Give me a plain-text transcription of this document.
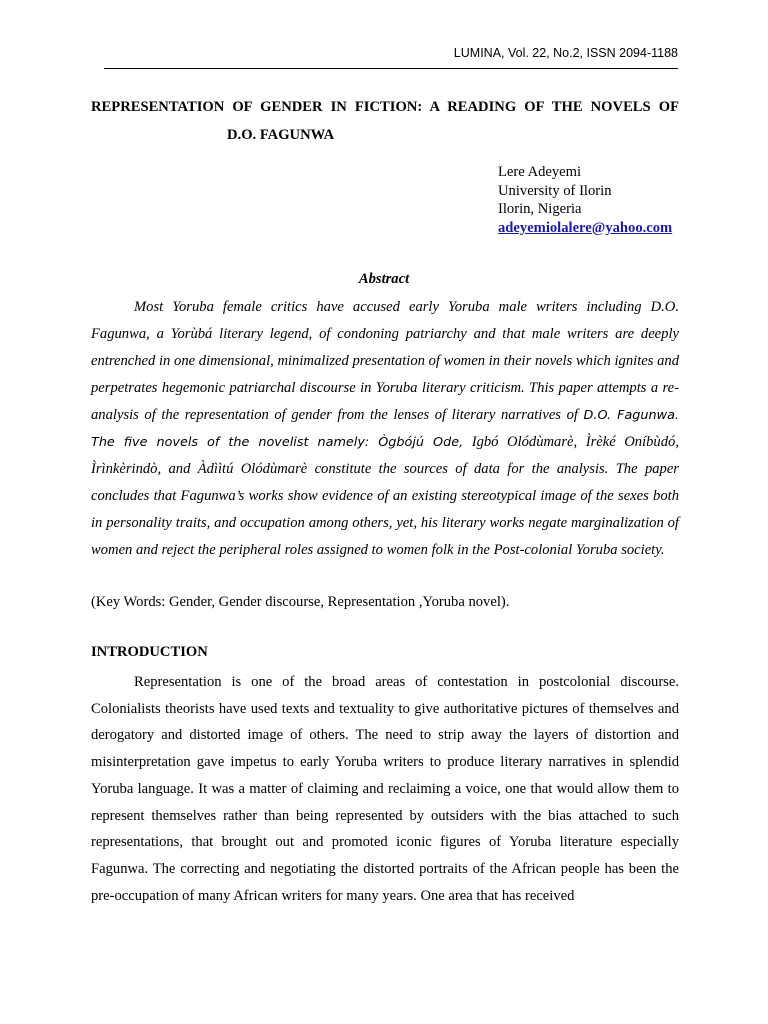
LUMINA, Vol. 22, No.2, ISSN 2094-1188
REPRESENTATION OF GENDER IN FICTION: A READING OF THE NOVELS OF
D.O. FAGUNWA
Lere Adeyemi
University of Ilorin
Ilorin, Nigeria
adeyemiolalere@yahoo.com
Abstract

Most Yoruba female critics have accused early Yoruba male writers including D.O. Fagunwa, a Yorùbá literary legend, of condoning patriarchy and that male writers are deeply entrenched in one dimensional, minimalized presentation of women in their novels which ignites and perpetrates hegemonic patriarchal discourse in Yoruba literary criticism. This paper attempts a re-analysis of the representation of gender from the lenses of literary narratives of D.O. Fagunwa. The five novels of the novelist namely: Ògbójú Ode, Igbó Olódùmarè, Ìrèké Oníbùdó, Ìrìnkèrindò, and Àdììtú Olódùmarè constitute the sources of data for the analysis. The paper concludes that Fagunwa’s works show evidence of an existing stereotypical image of the sexes both in personality traits, and occupation among others, yet, his literary works negate marginalization of women and reject the peripheral roles assigned to women folk in the Post-colonial Yoruba society.

(Key Words: Gender, Gender discourse, Representation ,Yoruba novel).
INTRODUCTION

Representation is one of the broad areas of contestation in postcolonial discourse. Colonialists theorists have used texts and textuality to give authoritative pictures of themselves and derogatory and distorted image of others. The need to strip away the layers of distortion and misinterpretation gave impetus to early Yoruba writers to produce literary narratives in splendid Yoruba language. It was a matter of claiming and reclaiming a voice, one that would allow them to represent themselves rather than being represented by outsiders with the bias attached to such representations, that brought out and promoted iconic figures of Yoruba literature especially Fagunwa. The correcting and negotiating the distorted portraits of the African people has been the pre-occupation of many African writers for many years. One area that has received
